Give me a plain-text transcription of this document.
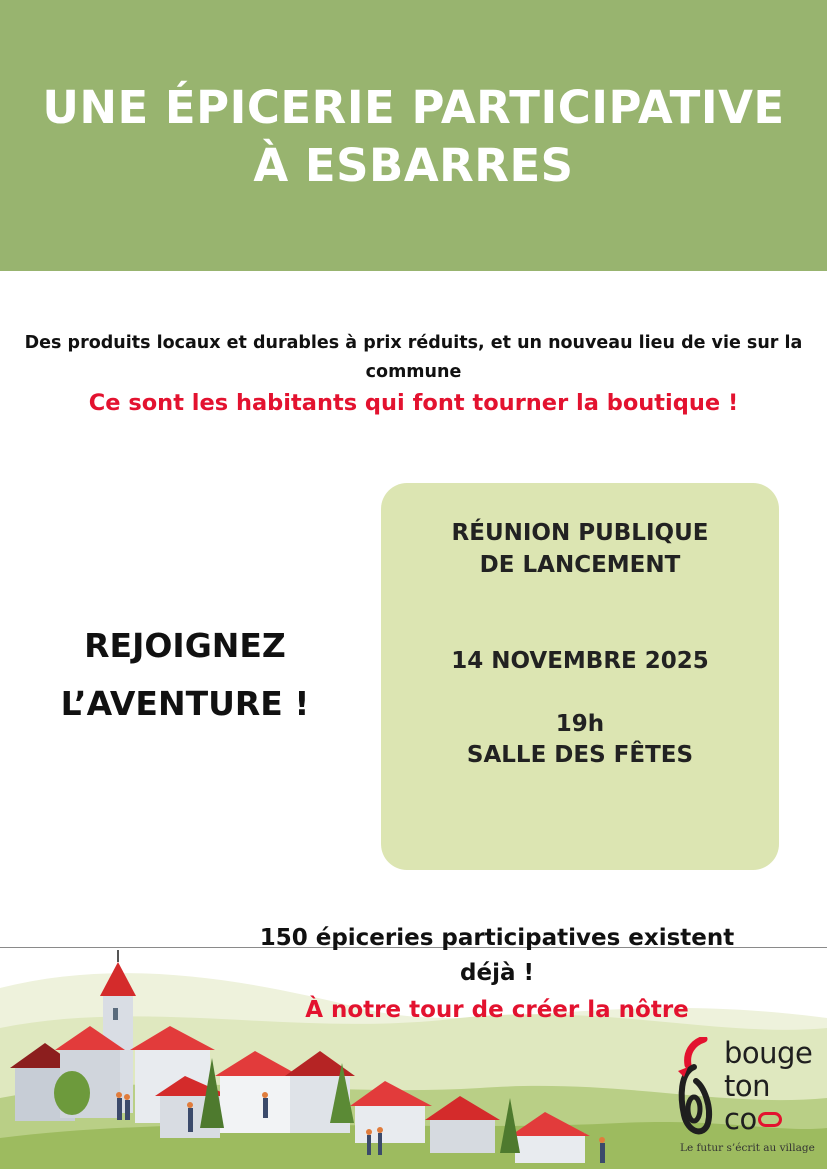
UNE ÉPICERIE PARTICIPATIVE
À ESBARRES
Des produits locaux et durables à prix réduits, et un nouveau lieu de vie sur la commune
Ce sont les habitants qui font tourner la boutique !
REJOIGNEZ
L’AVENTURE !
RÉUNION PUBLIQUE
DE LANCEMENT
14 NOVEMBRE 2025
19h
SALLE DES FÊTES
150 épiceries participatives existent
déjà !
À notre tour de créer la nôtre
bouge
ton
co
Le futur s’écrit au village
